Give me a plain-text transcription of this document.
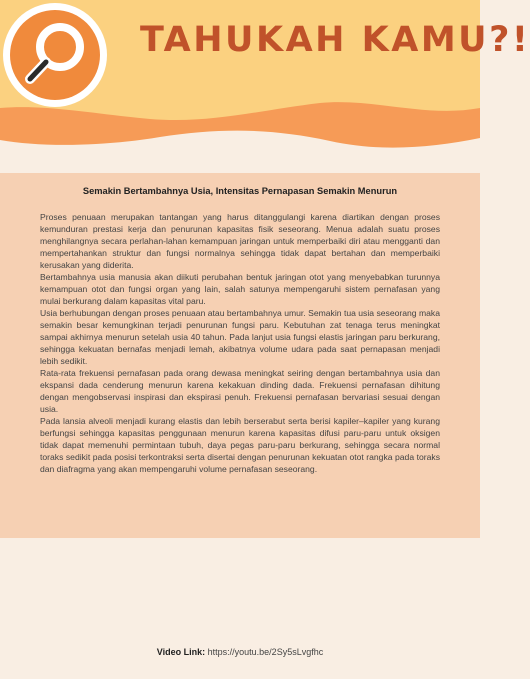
TAHUKAH KAMU?!
Semakin Bertambahnya Usia, Intensitas Pernapasan Semakin Menurun

Proses penuaan merupakan tantangan yang harus ditanggulangi karena diartikan dengan proses kemunduran prestasi kerja dan penurunan kapasitas fisik seseorang. Menua adalah suatu proses menghilangnya secara perlahan-lahan kemampuan jaringan untuk memperbaiki diri atau mengganti dan mempertahankan struktur dan fungsi normalnya sehingga tidak dapat bertahan dan memperbaiki kerusakan yang diderita.

Bertambahnya usia manusia akan diikuti perubahan bentuk jaringan otot yang menyebabkan turunnya kemampuan otot dan fungsi organ yang lain, salah satunya mempengaruhi sistem pernafasan yang mulai berkurang dalam kapasitas vital paru.

Usia berhubungan dengan proses penuaan atau bertambahnya umur. Semakin tua usia seseorang maka semakin besar kemungkinan terjadi penurunan fungsi paru. Kebutuhan zat tenaga terus meningkat sampai akhirnya menurun setelah usia 40 tahun. Pada lanjut usia fungsi elastis jaringan paru berkurang, sehingga kekuatan bernafas menjadi lemah, akibatnya volume udara pada saat pernapasan menjadi lebih sedikit.

Rata-rata frekuensi pernafasan pada orang dewasa meningkat seiring dengan bertambahnya usia dan ekspansi dada cenderung menurun karena kekakuan dinding dada. Frekuensi pernafasan dihitung dengan mengobservasi inspirasi dan ekspirasi penuh. Frekuensi pernafasan bervariasi sesuai dengan usia.

Pada lansia alveoli menjadi kurang elastis dan lebih berserabut serta berisi kapiler–kapiler yang kurang berfungsi sehingga kapasitas penggunaan menurun karena kapasitas difusi paru-paru untuk oksigen tidak dapat memenuhi permintaan tubuh, daya pegas paru-paru berkurang, sehingga secara normal toraks sedikit pada posisi terkontraksi serta disertai dengan penurunan kekuatan otot rangka pada toraks dan diafragma yang akan mempengaruhi volume pernafasan seseorang.

Video Link: https://youtu.be/2Sy5sLvgfhc
